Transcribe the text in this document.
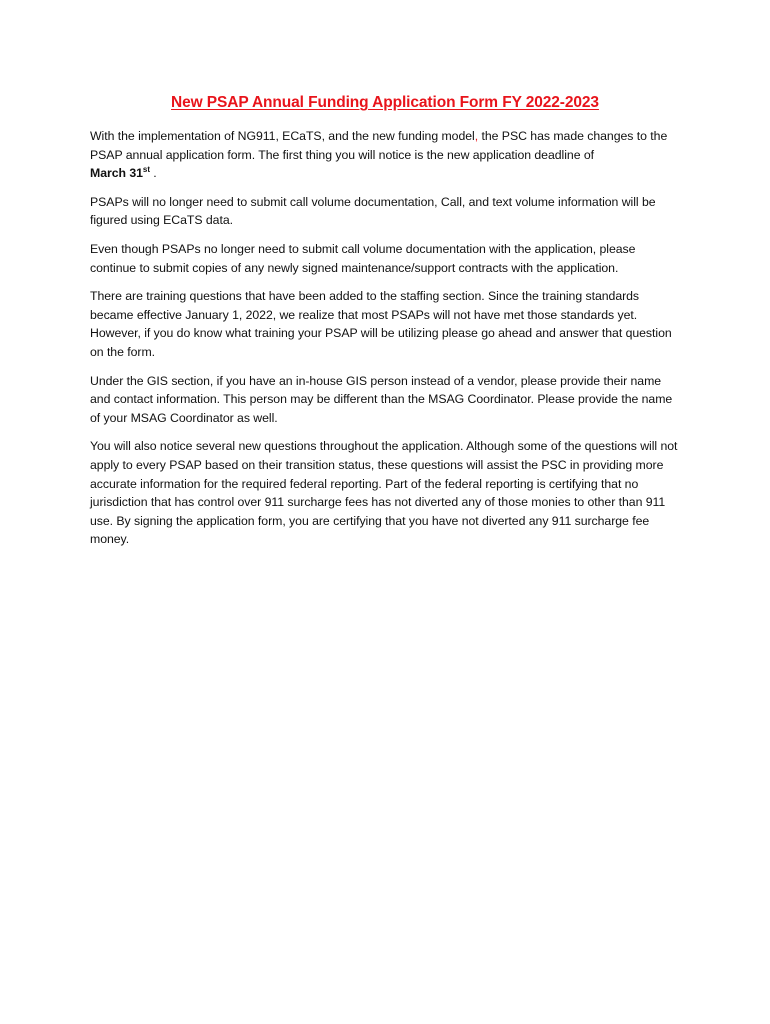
New PSAP Annual Funding Application Form FY 2022-2023

With the implementation of NG911, ECaTS, and the new funding model, the PSC has made changes to the PSAP annual application form. The first thing you will notice is the new application deadline of
March 31st .

PSAPs will no longer need to submit call volume documentation, Call, and text volume information will be figured using ECaTS data.

Even though PSAPs no longer need to submit call volume documentation with the application, please continue to submit copies of any newly signed maintenance/support contracts with the application.

There are training questions that have been added to the staffing section. Since the training standards became effective January 1, 2022, we realize that most PSAPs will not have met those standards yet. However, if you do know what training your PSAP will be utilizing please go ahead and answer that question on the form.

Under the GIS section, if you have an in-house GIS person instead of a vendor, please provide their name and contact information. This person may be different than the MSAG Coordinator. Please provide the name of your MSAG Coordinator as well.

You will also notice several new questions throughout the application. Although some of the questions will not apply to every PSAP based on their transition status, these questions will assist the PSC in providing more accurate information for the required federal reporting. Part of the federal reporting is certifying that no jurisdiction that has control over 911 surcharge fees has not diverted any of those monies to other than 911 use. By signing the application form, you are certifying that you have not diverted any 911 surcharge fee money.
